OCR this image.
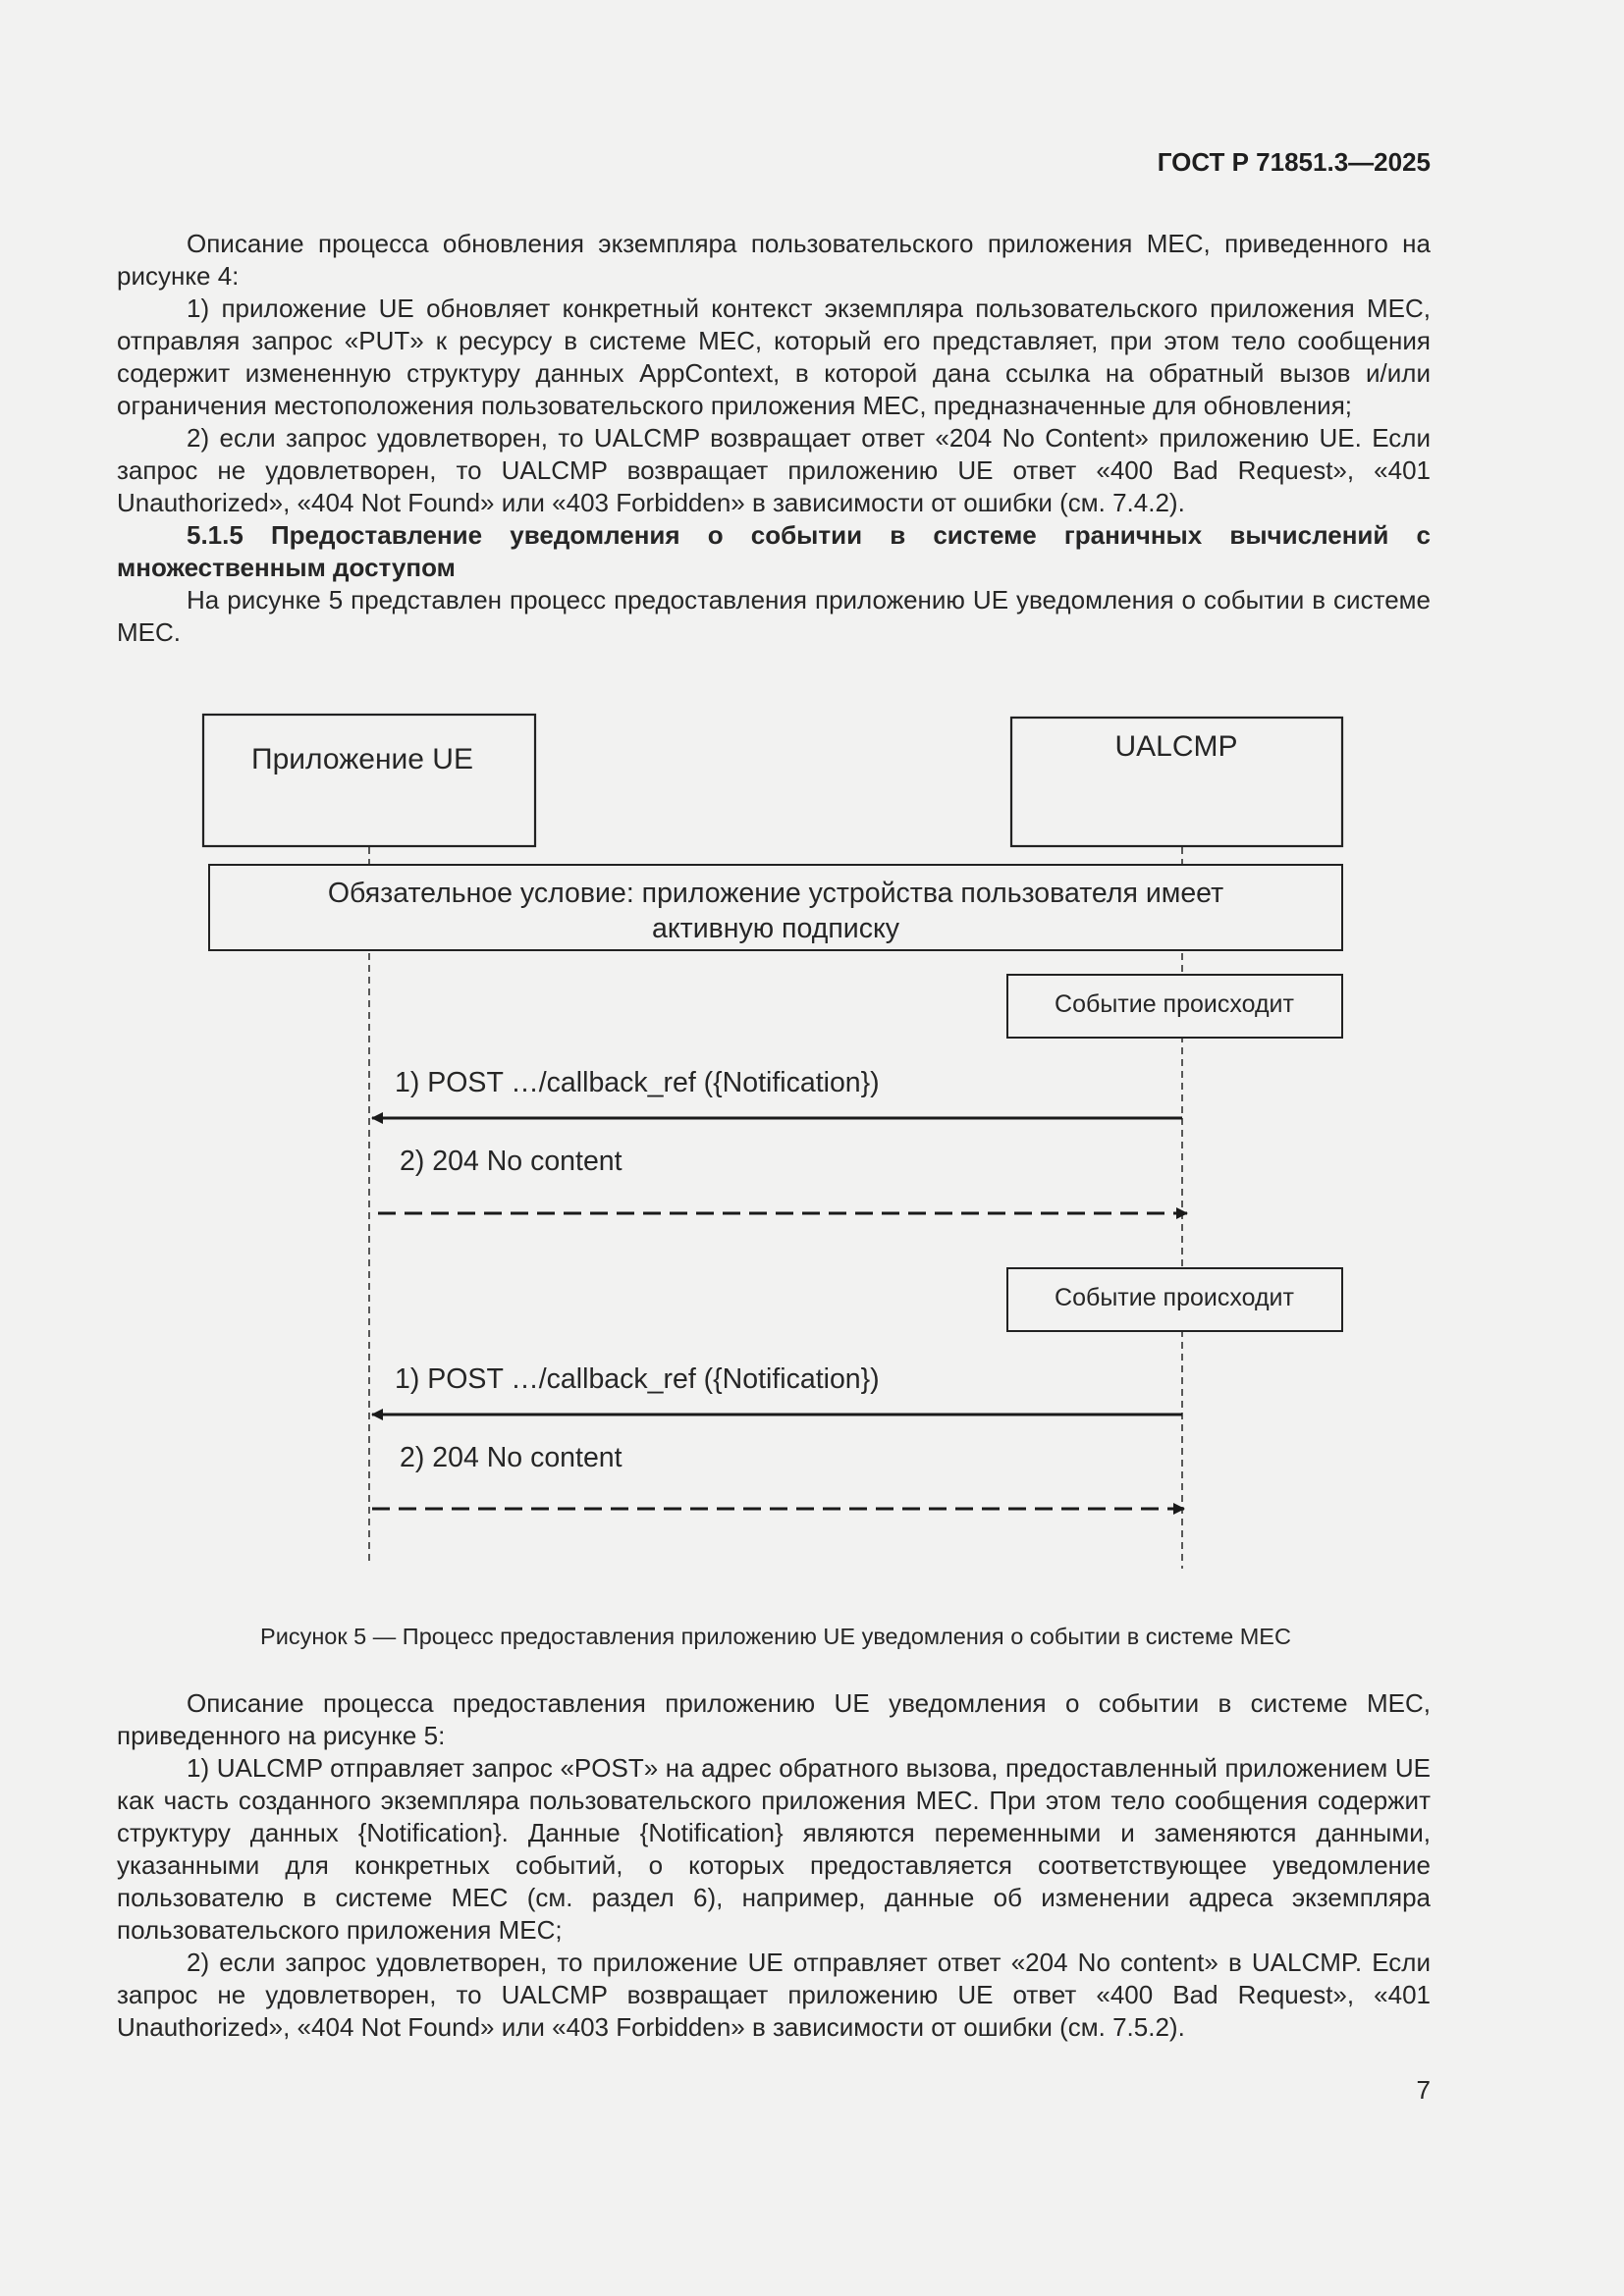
ГОСТ Р 71851.3—2025

Описание процесса обновления экземпляра пользовательского приложения МЕС, приведенного на рисунке 4:

1) приложение UE обновляет конкретный контекст экземпляра пользовательского приложения МЕС, отправляя запрос «PUT» к ресурсу в системе МЕС, который его представляет, при этом тело сообщения содержит измененную структуру данных AppContext, в которой дана ссылка на обратный вызов и/или ограничения местоположения пользовательского приложения МЕС, предназначенные для обновления;

2) если запрос удовлетворен, то UALCMP возвращает ответ «204 No Content» приложению UE. Если запрос не удовлетворен, то UALCMP возвращает приложению UE ответ «400 Bad Request», «401 Unauthorized», «404 Not Found» или «403 Forbidden» в зависимости от ошибки (см. 7.4.2).

5.1.5 Предоставление уведомления о событии в системе граничных вычислений с множественным доступом

На рисунке 5 представлен процесс предоставления приложению UE уведомления о событии в системе МЕС.

Приложение UE	UALCMP
Обязательное условие: приложение устройства пользователя имеет
активную подписку
Событие происходит
1) POST …/callback_ref ({Notification})
2) 204 No content
Событие происходит
1) POST …/callback_ref ({Notification})
2) 204 No content
Рисунок 5 — Процесс предоставления приложению UE уведомления о событии в системе МЕС

Описание процесса предоставления приложению UE уведомления о событии в системе МЕС, приведенного на рисунке 5:

1) UALCMP отправляет запрос «POST» на адрес обратного вызова, предоставленный приложением UE как часть созданного экземпляра пользовательского приложения МЕС. При этом тело сообщения содержит структуру данных {Notification}. Данные {Notification} являются переменными и заменяются данными, указанными для конкретных событий, о которых предоставляется соответствующее уведомление пользователю в системе МЕС (см. раздел 6), например, данные об изменении адреса экземпляра пользовательского приложения МЕС;

2) если запрос удовлетворен, то приложение UE отправляет ответ «204 No content» в UALCMP. Если запрос не удовлетворен, то UALCMP возвращает приложению UE ответ «400 Bad Request», «401 Unauthorized», «404 Not Found» или «403 Forbidden» в зависимости от ошибки (см. 7.5.2).

7
